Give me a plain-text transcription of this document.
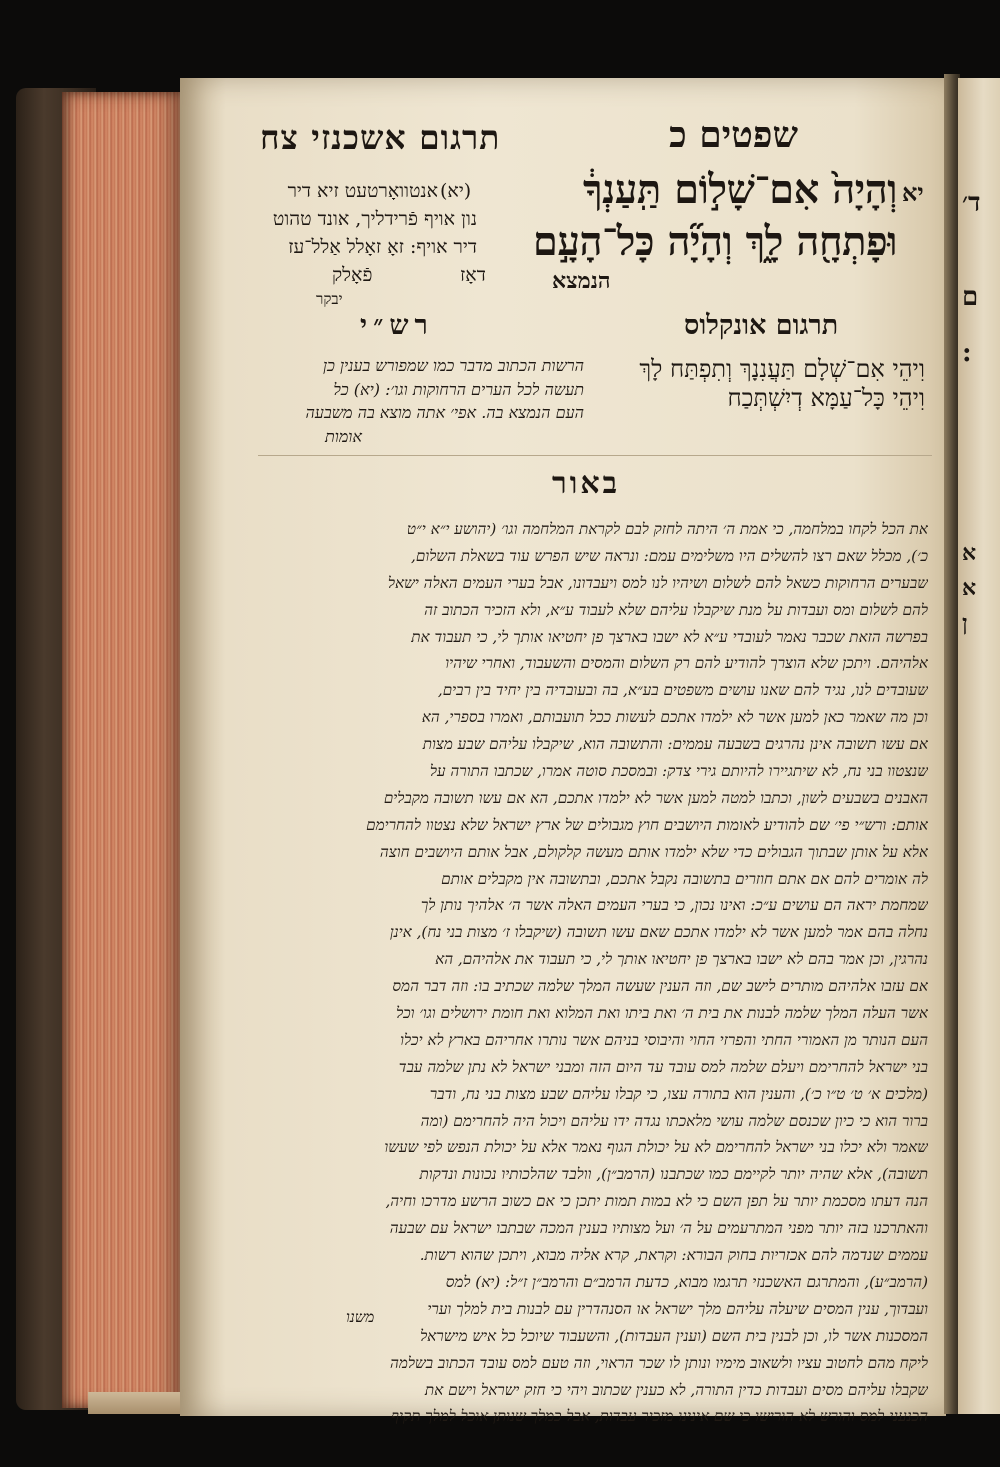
ד׳
ם
:
א
א
ן
תרגום אשכנזי צח	שפטים כ
יא
וְהָיָה֙ אִם־שָׁל֣וֹם תַּֽעַנְךָ֔
וּפָתְחָ֖ה לָ֑ךְ וְהָיָ֞ה כָּל־הָעָ֣ם
הנמצא
(יא)
אנטוואָרטעט זיא דיר
נון אויף פֿרידליך, אונד טהוט
דיר אויף: זאָ זאָלל אַלל־עז
פֿאָלק	דאָז
יבקר
תרגום אונקלוס
וִיהֵי אִם־שְׁלָם תַּעֲנִנָךְ וְתִפְתַּח לָךְ
וִיהֵי כָּל־עַמָּא דְיִשְׁתְּכַח
רש״י
הרשות הכתוב מדבר כמו שמפורש בענין כן
תעשה לכל הערים הרחוקות וגו׳: (יא) כל
העם הנמצא בה. אפי׳ אתה מוצא בה משבעה
אומות
באור
את הכל לקחו במלחמה, כי אמת ה׳ היתה לחזק לבם לקראת המלחמה וגו׳ (יהושע י״א י״ט
כ׳), מכלל שאם רצו להשלים היו משלימים עמם: ונראה שיש הפרש עוד בשאלת השלום,
שבערים הרחוקות כשאל להם לשלום ושיהיו לנו למס ויעבדונו, אבל בערי העמים האלה ישאל
להם לשלום ומס ועבדות על מנת שיקבלו עליהם שלא לעבוד ע״א, ולא הזכיר הכתוב זה
בפרשה הזאת שכבר נאמר לעובדי ע״א לא ישבו בארצך פן יחטיאו אותך לי, כי תעבוד את
אלהיהם. ויתכן שלא הוצרך להודיע להם רק השלום והמסים והשעבוד, ואחרי שיהיו
שעובדים לנו, נגיד להם שאנו עושים משפטים בע״א, בה ובעובדיה בין יחיד בין רבים,
וכן מה שאמר כאן למען אשר לא ילמדו אתכם לעשות ככל תועבותם, ואמרו בספרי, הא
אם עשו תשובה אינן נהרגים בשבעה עממים: והתשובה הוא, שיקבלו עליהם שבע מצות
שנצטוו בני נח, לא שיתגיירו להיותם גירי צדק: ובמסכת סוטה אמרו, שכתבו התורה על
האבנים בשבעים לשון, וכתבו למטה למען אשר לא ילמדו אתכם, הא אם עשו תשובה מקבלים
אותם: ורש״י פי׳ שם להודיע לאומות היושבים חוץ מגבולים של ארץ ישראל שלא נצטוו להחרימם
אלא על אותן שבתוך הגבולים כדי שלא ילמדו אותם מעשה קלקולם, אבל אותם היושבים חוצה
לה אומרים להם אם אתם חוזרים בתשובה נקבל אתכם, ובתשובה אין מקבלים אותם
שמחמת יראה הם עושים ע״כ: ואינו נכון, כי בערי העמים האלה אשר ה׳ אלהיך נותן לך
נחלה בהם אמר למען אשר לא ילמדו אתכם שאם עשו תשובה (שיקבלו ז׳ מצות בני נח), אינן
נהרגין, וכן אמר בהם לא ישבו בארצך פן יחטיאו אותך לי, כי תעבוד את אלהיהם, הא
אם עזבו אלהיהם מותרים לישב שם, וזה הענין שעשה המלך שלמה שכתיב בו: וזה דבר המס
אשר העלה המלך שלמה לבנות את בית ה׳ ואת ביתו ואת המלוא ואת חומת ירושלים וגו׳ וכל
העם הנותר מן האמורי החתי והפרזי החוי והיבוסי בניהם אשר נותרו אחריהם בארץ לא יכלו
בני ישראל להחרימם ויעלם שלמה למס עובד עד היום הזה ומבני ישראל לא נתן שלמה עבד
(מלכים א׳ ט׳ ט״ו כ׳), והענין הוא בתורה עצו, כי קבלו עליהם שבע מצות בני נח, ודבר
ברור הוא כי כיון שכנסם שלמה עושי מלאכתו נגדה ידו עליהם ויכול היה להחרימם (ומה
שאמר ולא יכלו בני ישראל להחרימם לא על יכולת הגוף נאמר אלא על יכולת הנפש לפי שעשו
תשובה), אלא שהיה יותר לקיימם כמו שכתבנו (הרמב״ן), וולבד שהלכותיו נכונות ונדקות
הנה דעתו מסכמת יותר על תפן השם כי לא במות תמות יתכן כי אם כשוב הרשע מדרכו וחיה,
והאתרכנו בזה יותר מפני המתרעמים על ה׳ ועל מצותיו בענין המכה שבתבו ישראל עם שבעה
עממים שנדמה להם אכזריות בחוק הבורא: וקראת, קרא אליה מבוא, ויתכן שהוא רשות.
(הרמב״ע), והמתרגם האשכנזי תרגמו מבוא, כדעת הרמב״ם והרמב״ן ז״ל: (יא) למס
ועבדוך, ענין המסים שיעלה עליהם מלך ישראל או הסנהדרין עם לבנות בית למלך וערי
המסכנות אשר לו, וכן לבנין בית השם (וענין העבדות), והשעבוד שיוכל כל איש מישראל
ליקח מהם לחטוב עציו ולשאוב מימיו ונותן לו שכר הראוי, וזה טעם למס עובד הכתוב בשלמה
שקבלו עליהם מסים ועבדות כדין התורה, לא כענין שכתוב ויהי כי חזק ישראל וישם את
הכנעני למס והורש לא הורישו כי שם אינינו מזכיר עבדות, אבל כמלך שנותן אוכל למלך תקיף
משנו
